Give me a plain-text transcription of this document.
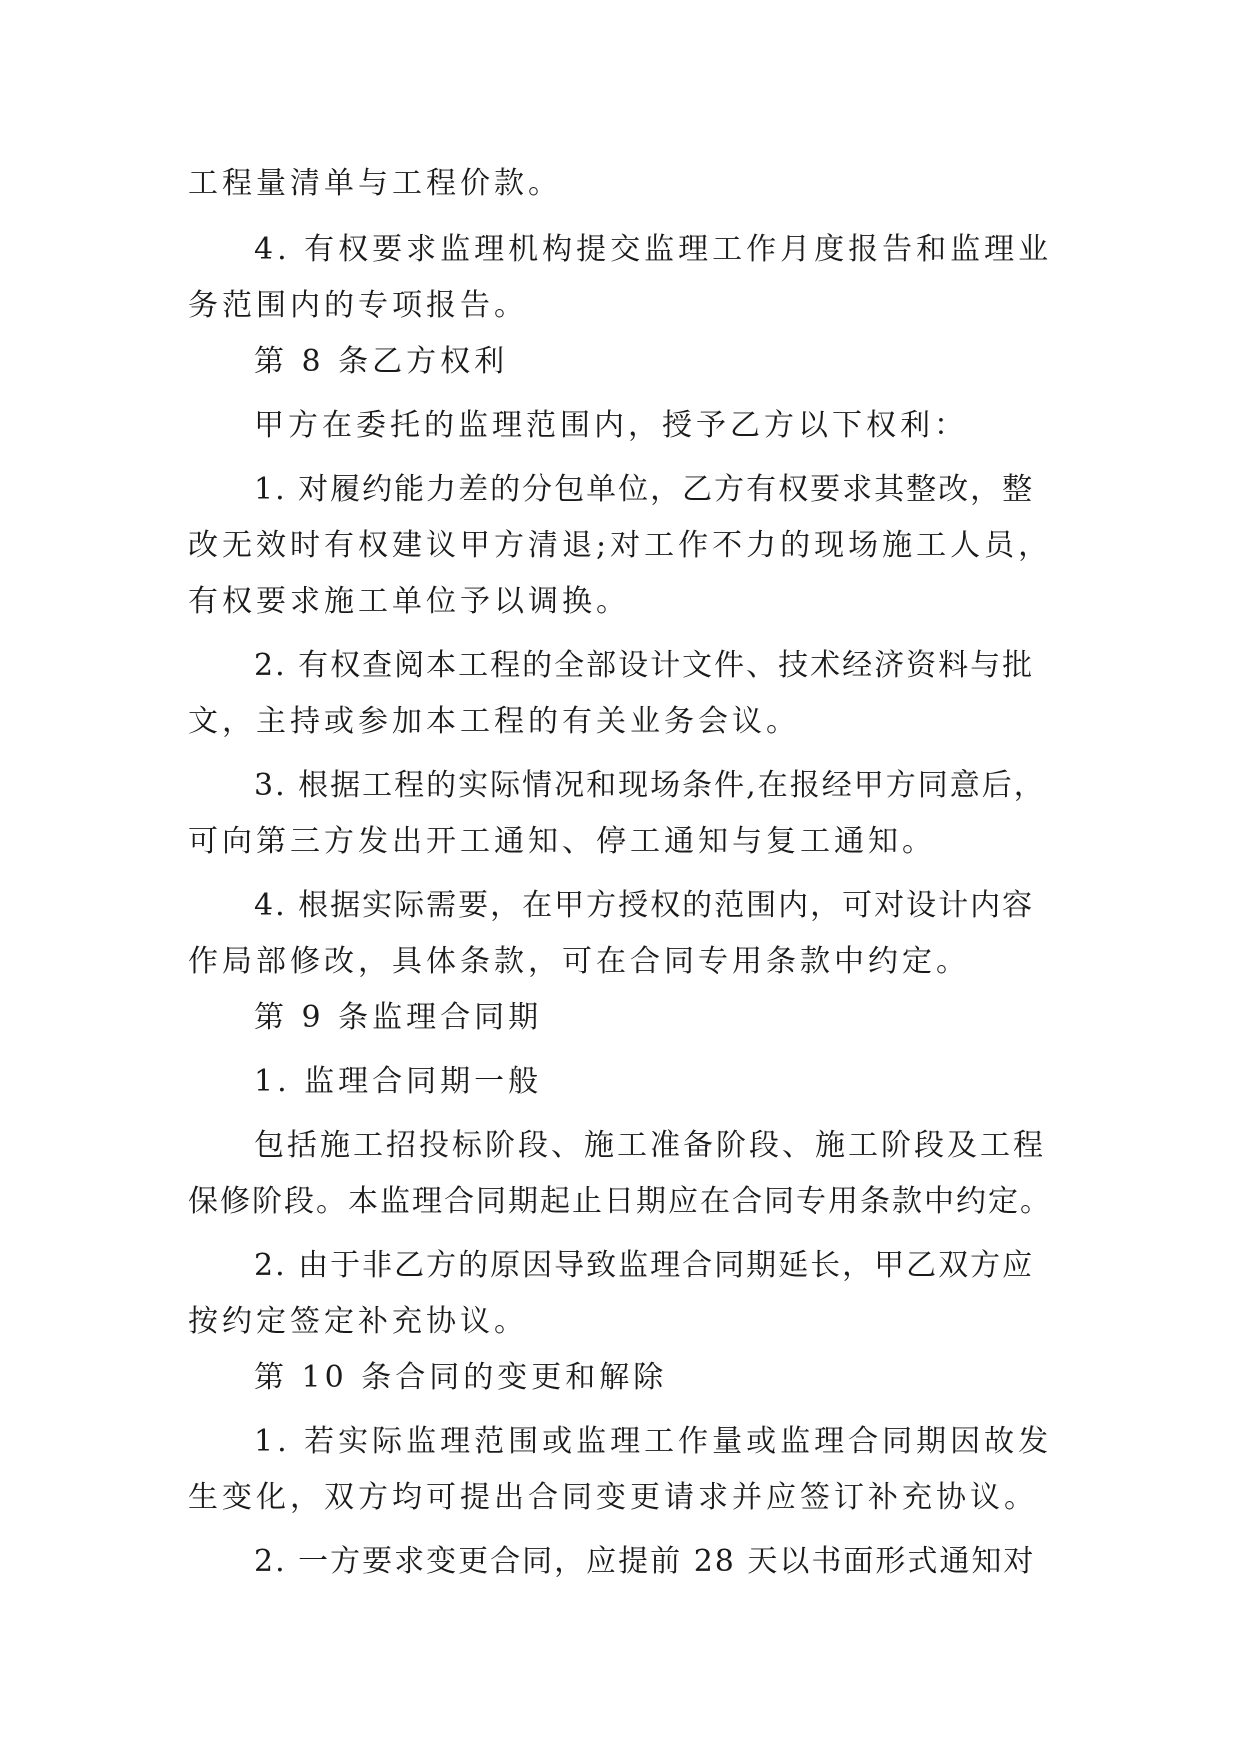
工程量清单与工程价款。
4. 有权要求监理机构提交监理工作月度报告和监理业
务范围内的专项报告。
第 8 条乙方权利
甲方在委托的监理范围内，授予乙方以下权利：
1. 对履约能力差的分包单位，乙方有权要求其整改，整
改无效时有权建议甲方清退;对工作不力的现场施工人员，
有权要求施工单位予以调换。
2. 有权查阅本工程的全部设计文件、技术经济资料与批
文，主持或参加本工程的有关业务会议。
3. 根据工程的实际情况和现场条件,在报经甲方同意后，
可向第三方发出开工通知、停工通知与复工通知。
4. 根据实际需要，在甲方授权的范围内，可对设计内容
作局部修改，具体条款，可在合同专用条款中约定。
第 9 条监理合同期
1. 监理合同期一般
包括施工招投标阶段、施工准备阶段、施工阶段及工程
保修阶段。本监理合同期起止日期应在合同专用条款中约定。
2. 由于非乙方的原因导致监理合同期延长，甲乙双方应
按约定签定补充协议。
第 10 条合同的变更和解除
1. 若实际监理范围或监理工作量或监理合同期因故发
生变化，双方均可提出合同变更请求并应签订补充协议。
2. 一方要求变更合同，应提前 28 天以书面形式通知对
